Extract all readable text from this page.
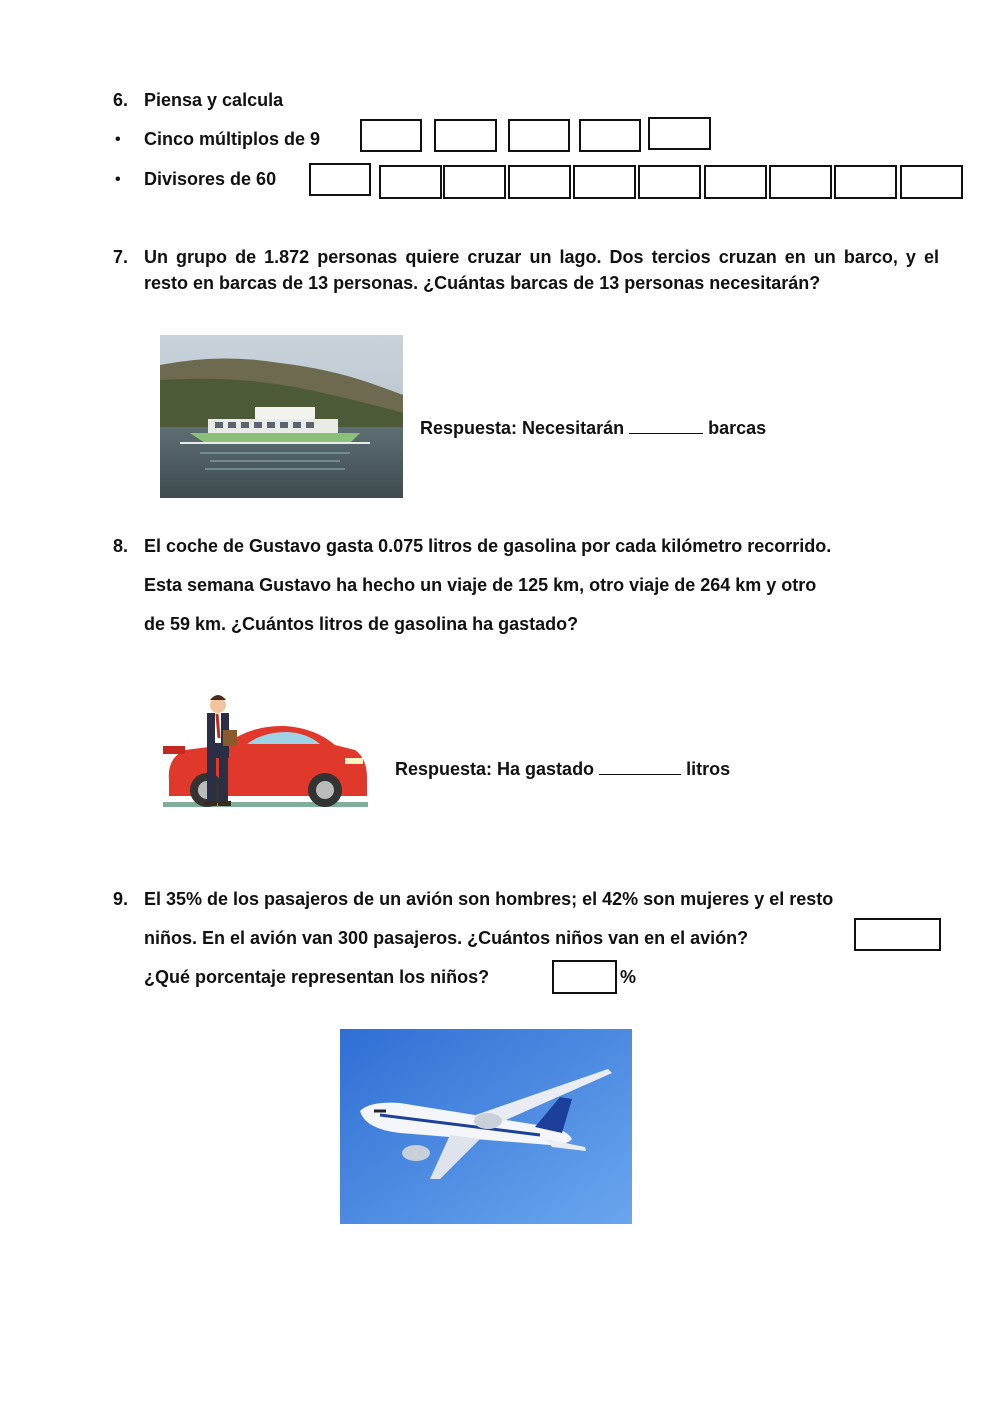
6. Piensa y calcula
• Cinco múltiplos de 9
• Divisores de 60
7. Un grupo de 1.872 personas quiere cruzar un lago. Dos tercios cruzan en un barco, y el resto en barcas de 13 personas. ¿Cuántas barcas de 13 personas necesitarán?
Respuesta: Necesitarán	barcas
8. El coche de Gustavo gasta 0.075 litros de gasolina por cada kilómetro recorrido.
Esta semana Gustavo ha hecho un viaje de 125 km, otro viaje de 264 km y otro
de 59 km. ¿Cuántos litros de gasolina ha gastado?
Respuesta: Ha gastado	litros
9. El 35% de los pasajeros de un avión son hombres; el 42% son mujeres y el resto
niños. En el avión van 300 pasajeros. ¿Cuántos niños van en el avión?
¿Qué porcentaje representan los niños?	%
